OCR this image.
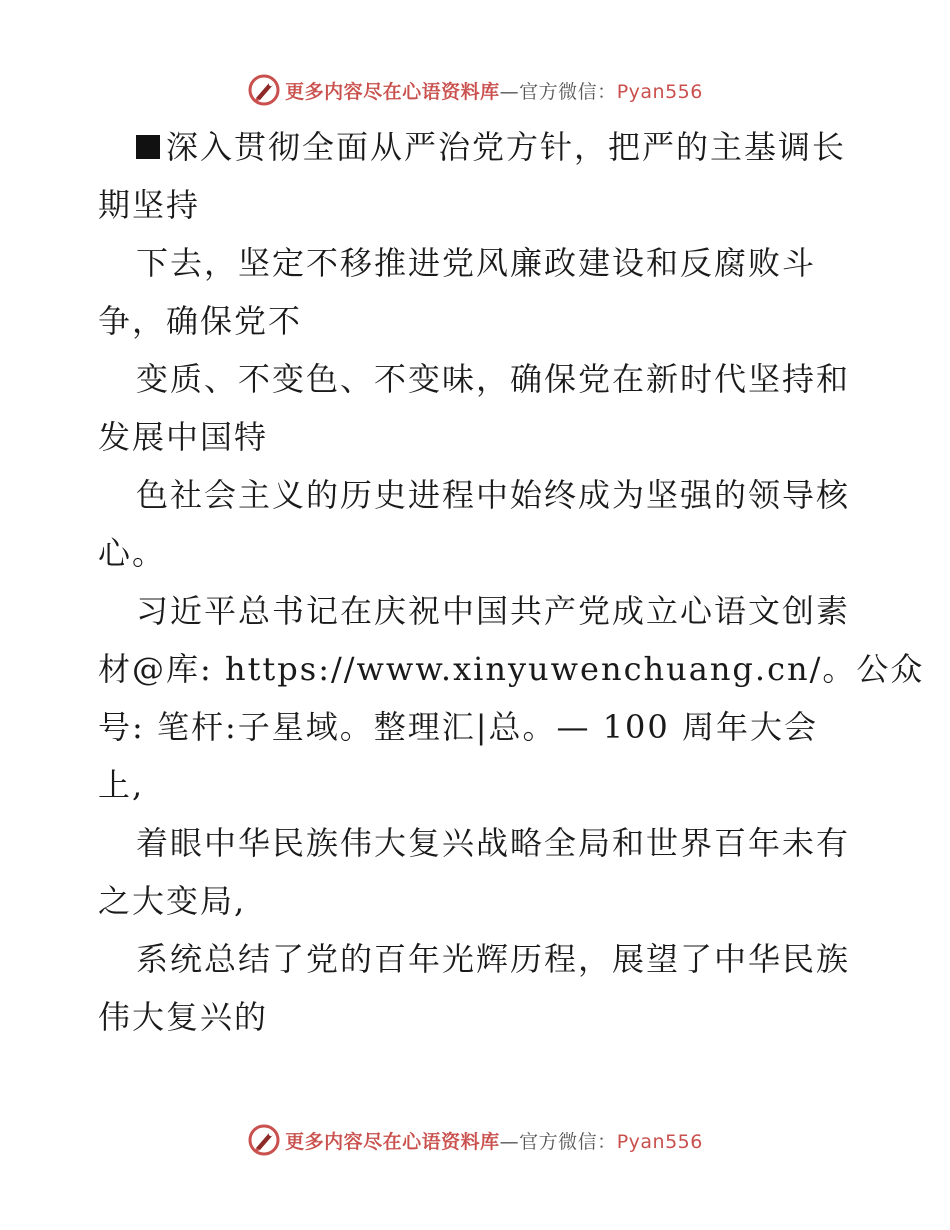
更多内容尽在心语资料库—官方微信：Pyan556
深入贯彻全面从严治党方针，把严的主基调长
期坚持
下去，坚定不移推进党风廉政建设和反腐败斗
争，确保党不
变质、不变色、不变味，确保党在新时代坚持和
发展中国特
色社会主义的历史进程中始终成为坚强的领导核
心。
习近平总书记在庆祝中国共产党成立心语文创素
材@库: https://www.xinyuwenchuang.cn/。公众
号: 笔杆:子星域。整理汇|总。— 100 周年大会
上,
着眼中华民族伟大复兴战略全局和世界百年未有
之大变局,
系统总结了党的百年光辉历程，展望了中华民族
伟大复兴的
更多内容尽在心语资料库—官方微信：Pyan556
